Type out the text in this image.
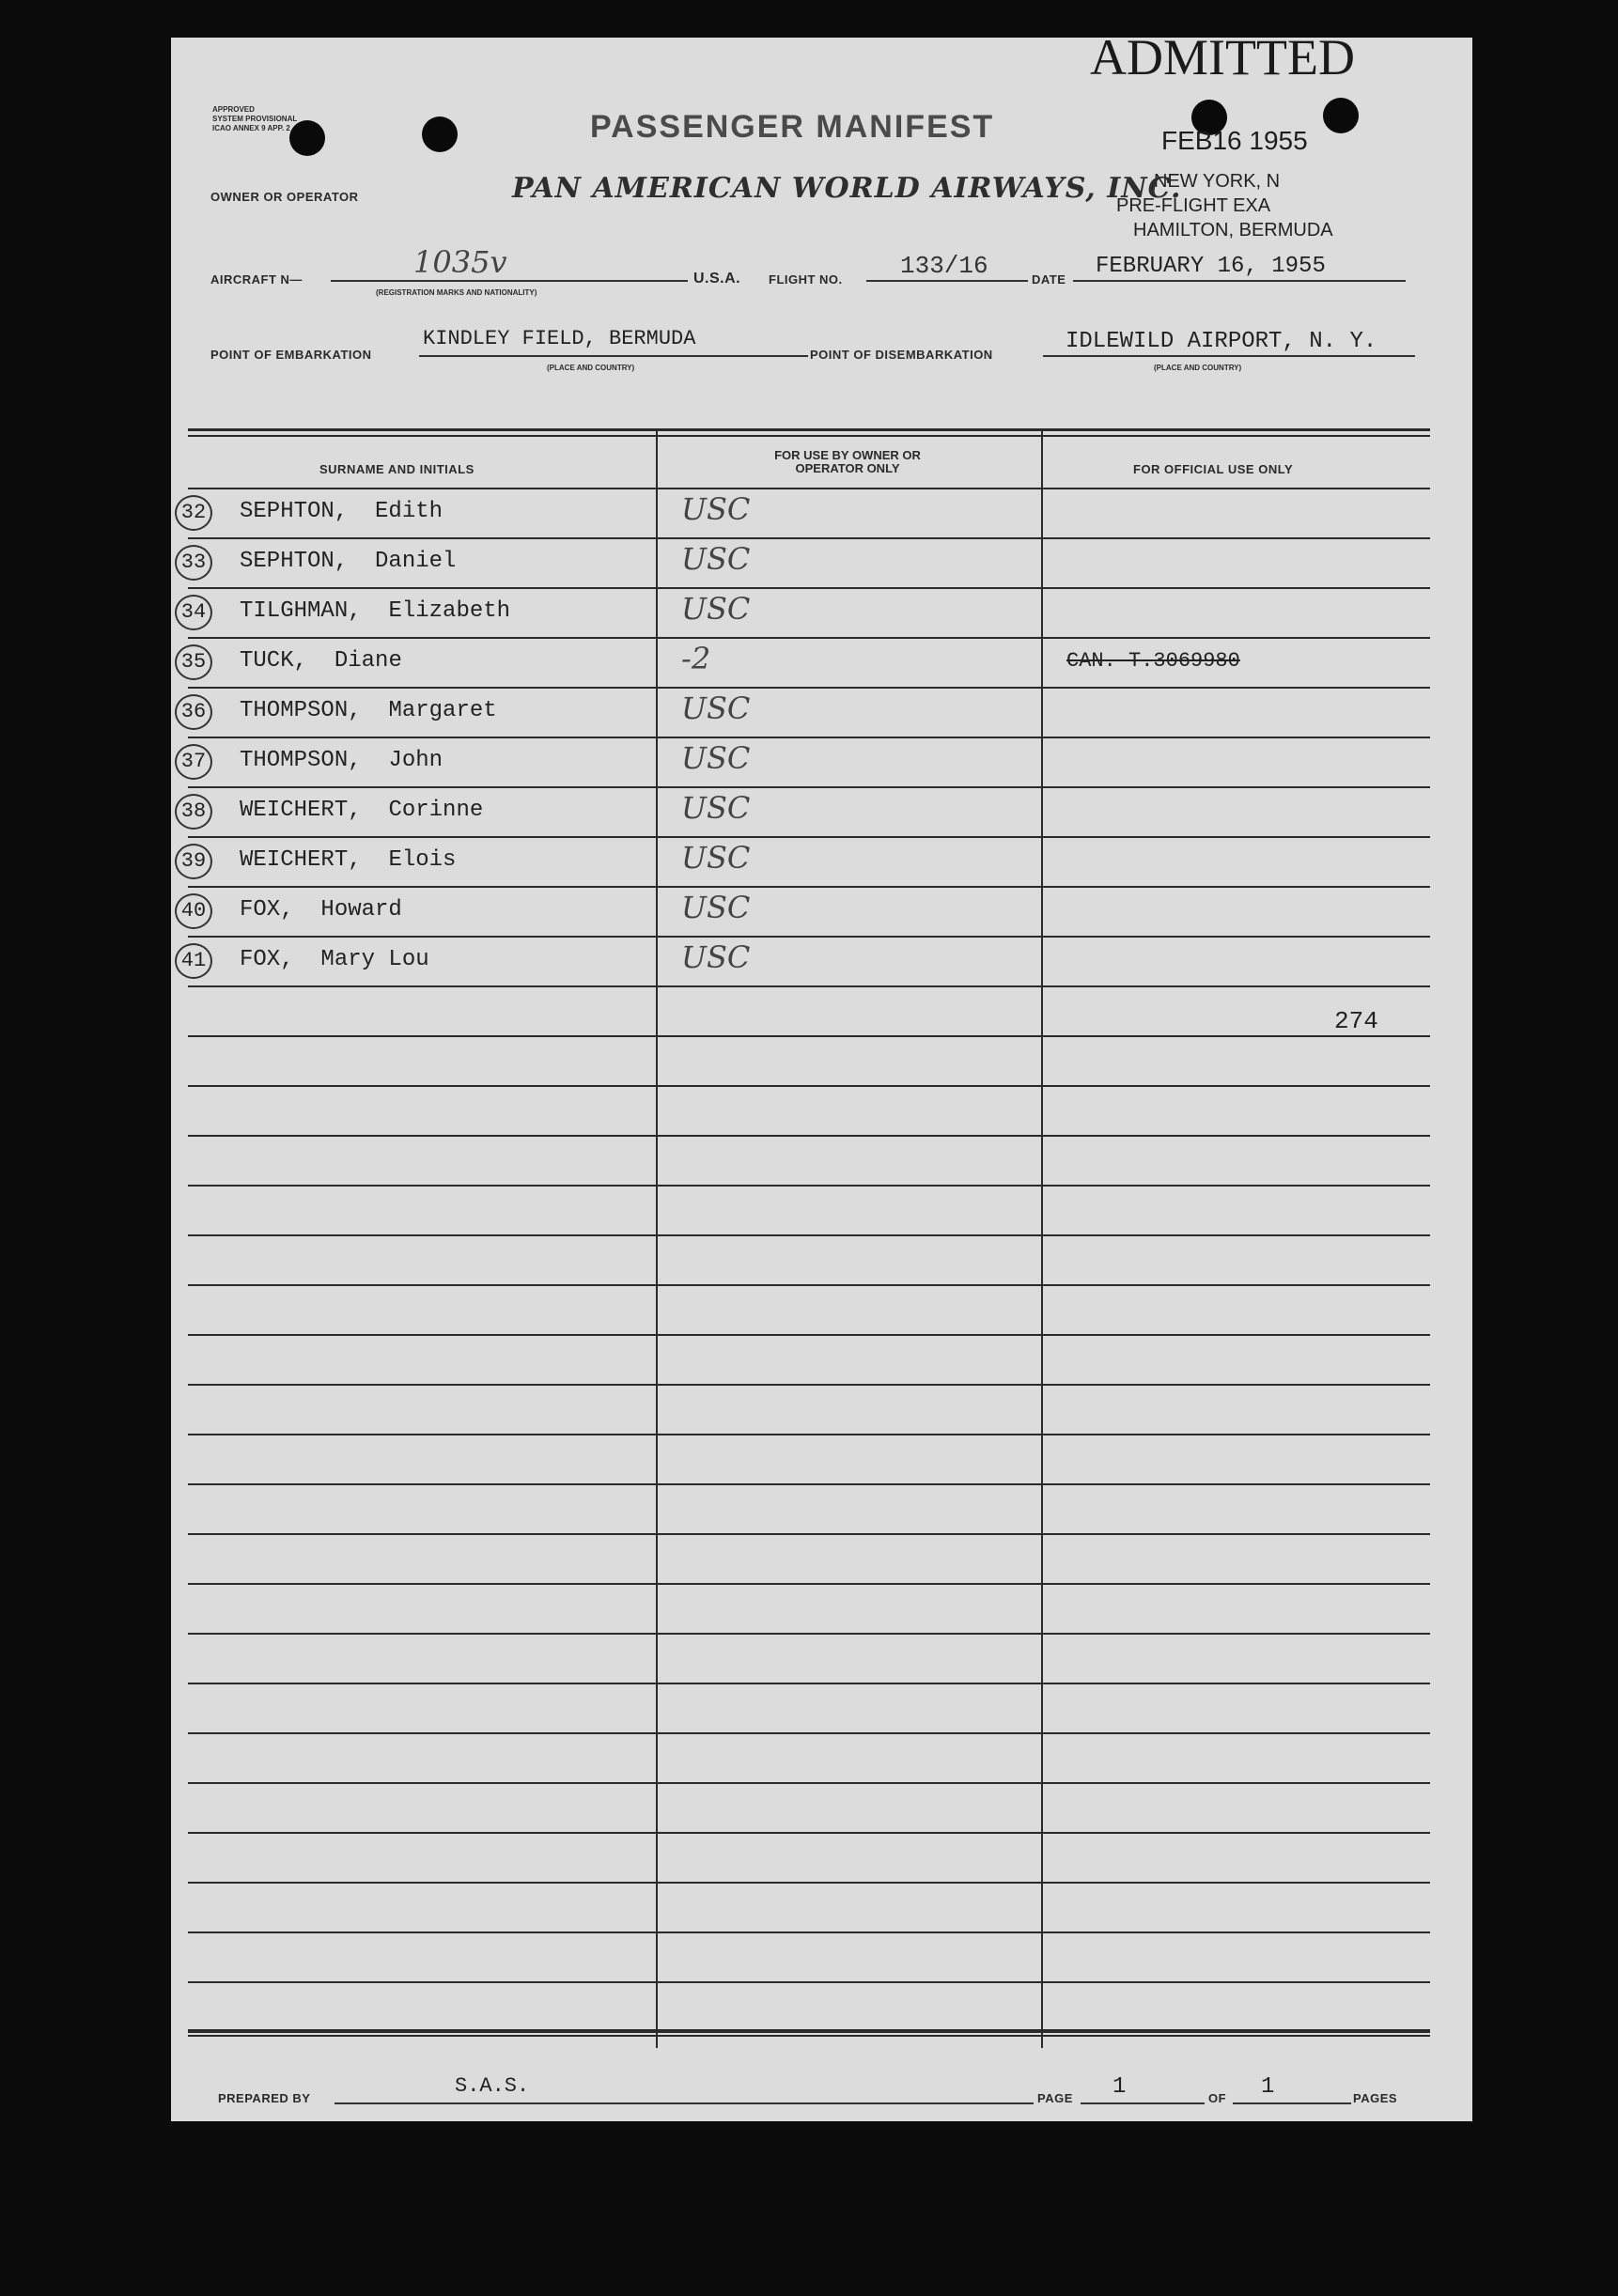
ADMITTED
FEB16 1955
NEW YORK, N
PRE-FLIGHT EXA
HAMILTON, BERMUDA
APPROVED
SYSTEM PROVISIONAL
ICAO ANNEX 9 APP. 2	PASSENGER MANIFEST
OWNER OR OPERATOR	PAN AMERICAN WORLD AIRWAYS, INC.
AIRCRAFT N—	1035v
(REGISTRATION MARKS AND NATIONALITY)
U.S.A. FLIGHT NO. 133/16	DATE
FEBRUARY 16, 1955
POINT OF EMBARKATION
KINDLEY FIELD, BERMUDA
(PLACE AND COUNTRY)
POINT OF DISEMBARKATION
IDLEWILD AIRPORT, N. Y.
(PLACE AND COUNTRY)
SURNAME AND INITIALS
FOR USE BY OWNER OR OPERATOR ONLY	FOR OFFICIAL USE ONLY
32 SEPHTON, Edith	USC
33 SEPHTON, Daniel	USC
34 TILGHMAN, Elizabeth	USC
35 TUCK, Diane	-2	CAN. T.3069980
36 THOMPSON, Margaret	USC
37 THOMPSON, John	USC
38 WEICHERT, Corinne	USC
39 WEICHERT, Elois	USC
40 FOX, Howard	USC
41 FOX, Mary Lou	USC
274
PREPARED BY
S.A.S.
PAGE 1	OF 1	PAGES
